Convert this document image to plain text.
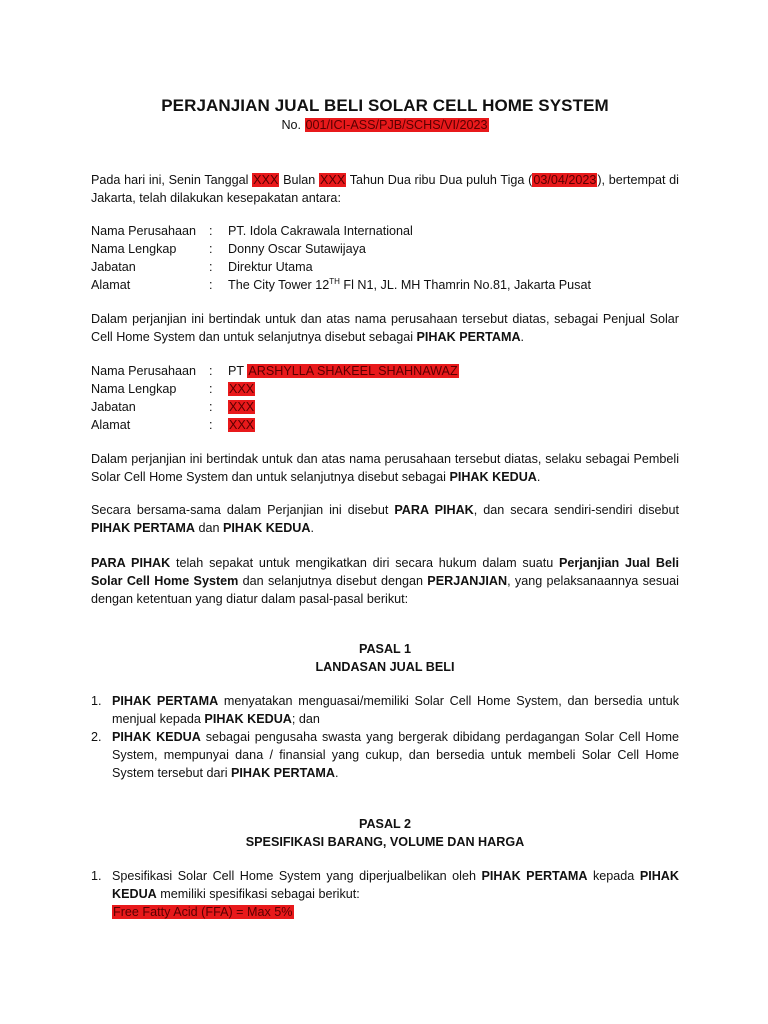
PERJANJIAN JUAL BELI SOLAR CELL HOME SYSTEM
No. 001/ICI-ASS/PJB/SCHS/VI/2023
Pada hari ini, Senin Tanggal XXX Bulan XXX Tahun Dua ribu Dua puluh Tiga (03/04/2023), bertempat di Jakarta, telah dilakukan kesepakatan antara:
Nama Perusahaan : PT. Idola Cakrawala International
Nama Lengkap	: Donny Oscar Sutawijaya
Jabatan	: Direktur Utama
Alamat	: The City Tower 12TH Fl N1, JL. MH Thamrin No.81, Jakarta Pusat
Dalam perjanjian ini bertindak untuk dan atas nama perusahaan tersebut diatas, sebagai Penjual Solar Cell Home System dan untuk selanjutnya disebut sebagai PIHAK PERTAMA.
Nama Perusahaan : PT ARSHYLLA SHAKEEL SHAHNAWAZ
Nama Lengkap	: XXX
Jabatan	: XXX
Alamat	: XXX
Dalam perjanjian ini bertindak untuk dan atas nama perusahaan tersebut diatas, selaku sebagai Pembeli Solar Cell Home System dan untuk selanjutnya disebut sebagai PIHAK KEDUA.
Secara bersama-sama dalam Perjanjian ini disebut PARA PIHAK, dan secara sendiri-sendiri disebut PIHAK PERTAMA dan PIHAK KEDUA.
PARA PIHAK telah sepakat untuk mengikatkan diri secara hukum dalam suatu Perjanjian Jual Beli Solar Cell Home System dan selanjutnya disebut dengan PERJANJIAN, yang pelaksanaannya sesuai dengan ketentuan yang diatur dalam pasal-pasal berikut:
PASAL 1
LANDASAN JUAL BELI
1. PIHAK PERTAMA menyatakan menguasai/memiliki Solar Cell Home System, dan bersedia untuk menjual kepada PIHAK KEDUA; dan
2. PIHAK KEDUA sebagai pengusaha swasta yang bergerak dibidang perdagangan Solar Cell Home System, mempunyai dana / finansial yang cukup, dan bersedia untuk membeli Solar Cell Home System tersebut dari PIHAK PERTAMA.
PASAL 2
SPESIFIKASI BARANG, VOLUME DAN HARGA
1. Spesifikasi Solar Cell Home System yang diperjualbelikan oleh PIHAK PERTAMA kepada PIHAK KEDUA memiliki spesifikasi sebagai berikut:
Free Fatty Acid (FFA) = Max 5%
